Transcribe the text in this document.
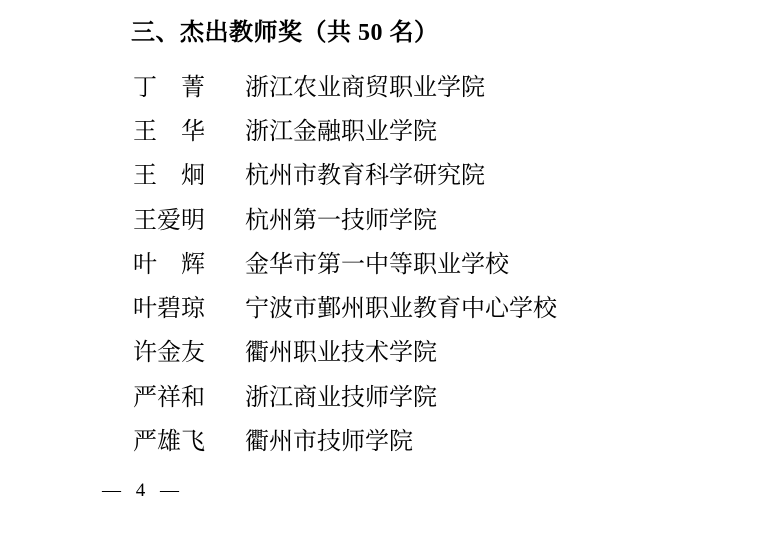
三、杰出教师奖（共 50 名）
丁　菁	浙江农业商贸职业学院
王　华	浙江金融职业学院
王　炯	杭州市教育科学研究院
王爱明	杭州第一技师学院
叶　辉	金华市第一中等职业学校
叶碧琼	宁波市鄞州职业教育中心学校
许金友	衢州职业技术学院
严祥和	浙江商业技师学院
严雄飞	衢州市技师学院
— 4 —
